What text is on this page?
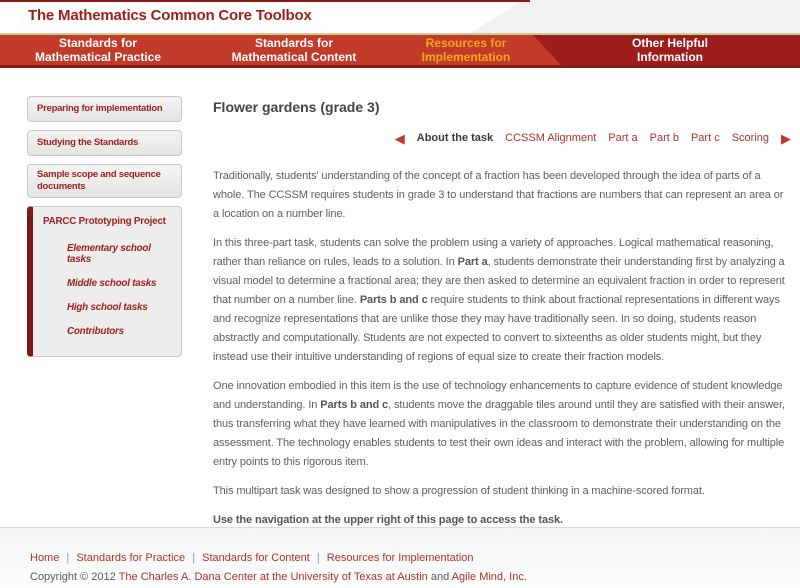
The Mathematics Common Core Toolbox
Standards for
Mathematical Practice
Standards for
Mathematical Content
Resources for
Implementation
Other Helpful
Information
Preparing for implementation
Studying the Standards
Sample scope and sequence documents
PARCC Prototyping Project
Elementary school tasks
Middle school tasks
High school tasks
Contributors
Flower gardens (grade 3)
◀ About the task CCSSM Alignment Part a Part b Part c Scoring ▶

Traditionally, students' understanding of the concept of a fraction has been developed through the idea of parts of a whole. The CCSSM requires students in grade 3 to understand that fractions are numbers that can represent an area or a location on a number line.

In this three-part task, students can solve the problem using a variety of approaches. Logical mathematical reasoning, rather than reliance on rules, leads to a solution. In Part a, students demonstrate their understanding first by analyzing a visual model to determine a fractional area; they are then asked to determine an equivalent fraction in order to represent that number on a number line. Parts b and c require students to think about fractional representations in different ways and recognize representations that are unlike those they may have traditionally seen. In so doing, students reason abstractly and computationally. Students are not expected to convert to sixteenths as older students might, but they instead use their intuitive understanding of regions of equal size to create their fraction models.

One innovation embodied in this item is the use of technology enhancements to capture evidence of student knowledge and understanding. In Parts b and c, students move the draggable tiles around until they are satisfied with their answer, thus transferring what they have learned with manipulatives in the classroom to demonstrate their understanding on the assessment. The technology enables students to test their own ideas and interact with the problem, allowing for multiple entry points to this rigorous item.

This multipart task was designed to show a progression of student thinking in a machine-scored format.

Use the navigation at the upper right of this page to access the task.

Home | Standards for Practice | Standards for Content | Resources for Implementation
Copyright © 2012 The Charles A. Dana Center at the University of Texas at Austin and Agile Mind, Inc.
